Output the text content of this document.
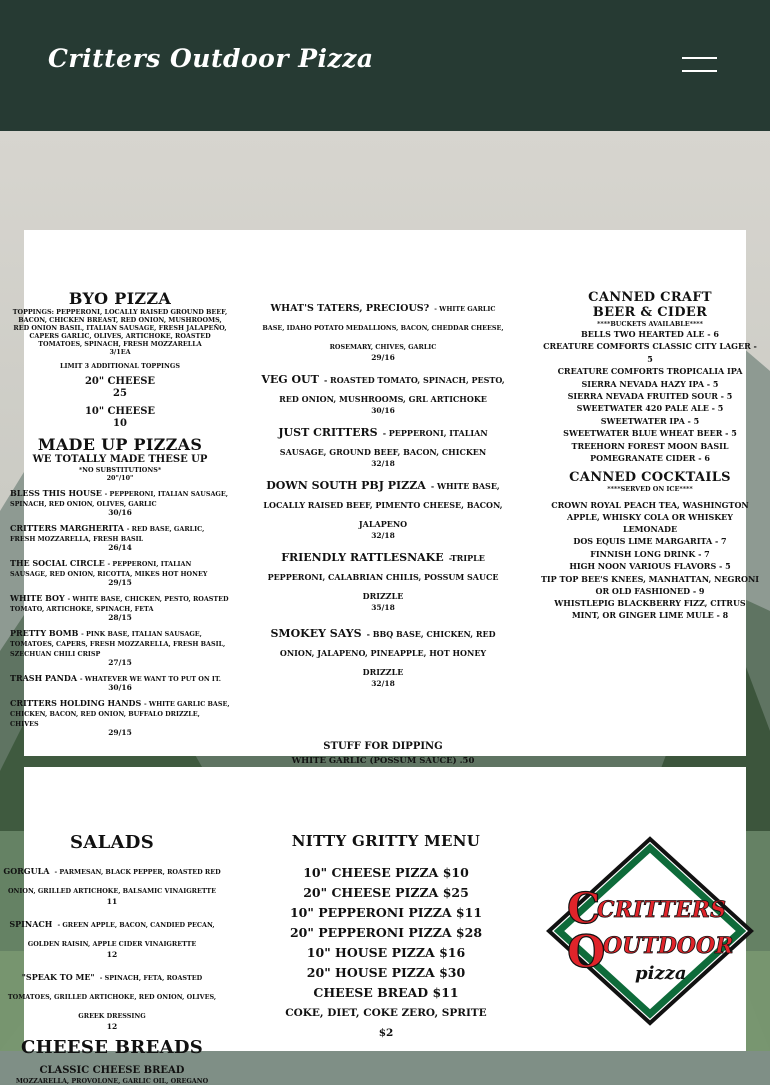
Critters Outdoor Pizza
BYO PIZZA
TOPPINGS: PEPPERONI, LOCALLY RAISED GROUND BEEF, BACON, CHICKEN BREAST, RED ONION, MUSHROOMS, RED ONION BASIL, ITALIAN SAUSAGE, FRESH JALAPEÑO, CAPERS GARLIC, OLIVES, ARTICHOKE, ROASTED TOMATOES, SPINACH, FRESH MOZZARELLA
3/1EA
LIMIT 3 ADDITIONAL TOPPINGS
20" CHEESE
25
10" CHEESE
10
MADE UP PIZZAS
WE TOTALLY MADE THESE UP
*NO SUBSTITUTIONS*
20"/10"
BLESS THIS HOUSE - PEPPERONI, ITALIAN SAUSAGE, SPINACH, RED ONION, OLIVES, GARLIC
30/16
CRITTERS MARGHERITA - RED BASE, GARLIC, FRESH MOZZARELLA, FRESH BASIL
26/14
THE SOCIAL CIRCLE - PEPPERONI, ITALIAN SAUSAGE, RED ONION, RICOTTA, MIKES HOT HONEY
29/15
WHITE BOY - WHITE BASE, CHICKEN, PESTO, ROASTED TOMATO, ARTICHOKE, SPINACH, FETA
28/15
PRETTY BOMB - PINK BASE, ITALIAN SAUSAGE, TOMATOES, CAPERS, FRESH MOZZARELLA, FRESH BASIL, SZECHUAN CHILI CRISP
27/15
TRASH PANDA - WHATEVER WE WANT TO PUT ON IT.
30/16
CRITTERS HOLDING HANDS - WHITE GARLIC BASE, CHICKEN, BACON, RED ONION, BUFFALO DRIZZLE, CHIVES
29/15
WHAT'S TATERS, PRECIOUS? - WHITE GARLIC BASE, IDAHO POTATO MEDALLIONS, BACON, CHEDDAR CHEESE, ROSEMARY, CHIVES, GARLIC
29/16
VEG OUT - ROASTED TOMATO, SPINACH, PESTO, RED ONION, MUSHROOMS, GRL ARTICHOKE
30/16
JUST CRITTERS - PEPPERONI, ITALIAN SAUSAGE, GROUND BEEF, BACON, CHICKEN
32/18
DOWN SOUTH PBJ PIZZA - WHITE BASE, LOCALLY RAISED BEEF, PIMENTO CHEESE, BACON, JALAPENO
32/18
FRIENDLY RATTLESNAKE -TRIPLE PEPPERONI, CALABRIAN CHILIS, POSSUM SAUCE DRIZZLE
35/18
SMOKEY SAYS - BBQ BASE, CHICKEN, RED ONION, JALAPENO, PINEAPPLE, HOT HONEY DRIZZLE
32/18
STUFF FOR DIPPING
WHITE GARLIC (POSSUM SAUCE) .50
CANNED CRAFT
BEER & CIDER
****BUCKETS AVAILABLE****
BELLS TWO HEARTED ALE - 6
CREATURE COMFORTS CLASSIC CITY LAGER - 5
CREATURE COMFORTS TROPICALIA IPA
SIERRA NEVADA HAZY IPA - 5
SIERRA NEVADA FRUITED SOUR - 5
SWEETWATER 420 PALE ALE - 5
SWEETWATER IPA - 5
SWEETWATER BLUE WHEAT BEER - 5
TREEHORN FOREST MOON BASIL
POMEGRANATE CIDER - 6
CANNED COCKTAILS
****SERVED ON ICE****
CROWN ROYAL PEACH TEA, WASHINGTON APPLE, WHISKY COLA OR WHISKEY LEMONADE
DOS EQUIS LIME MARGARITA - 7
FINNISH LONG DRINK - 7
HIGH NOON VARIOUS FLAVORS - 5
TIP TOP BEE'S KNEES, MANHATTAN, NEGRONI OR OLD FASHIONED - 9
WHISTLEPIG BLACKBERRY FIZZ, CITRUS MINT, OR GINGER LIME MULE - 8
SALADS
GORGULA - PARMESAN, BLACK PEPPER, ROASTED RED ONION, GRILLED ARTICHOKE, BALSAMIC VINAIGRETTE
11
SPINACH - GREEN APPLE, BACON, CANDIED PECAN, GOLDEN RAISIN, APPLE CIDER VINAIGRETTE
12
"SPEAK TO ME" - SPINACH, FETA, ROASTED TOMATOES, GRILLED ARTICHOKE, RED ONION, OLIVES, GREEK DRESSING
12
CHEESE BREADS
CLASSIC CHEESE BREAD
MOZZARELLA, PROVOLONE, GARLIC OIL, OREGANO
NITTY GRITTY MENU
10" CHEESE PIZZA $10
20" CHEESE PIZZA $25
10" PEPPERONI PIZZA $11
20" PEPPERONI PIZZA $28
10" HOUSE PIZZA $16
20" HOUSE PIZZA $30
CHEESE BREAD $11
COKE, DIET, COKE ZERO, SPRITE $2
C
CRITTERS
O
OUTDOOR
pizza
